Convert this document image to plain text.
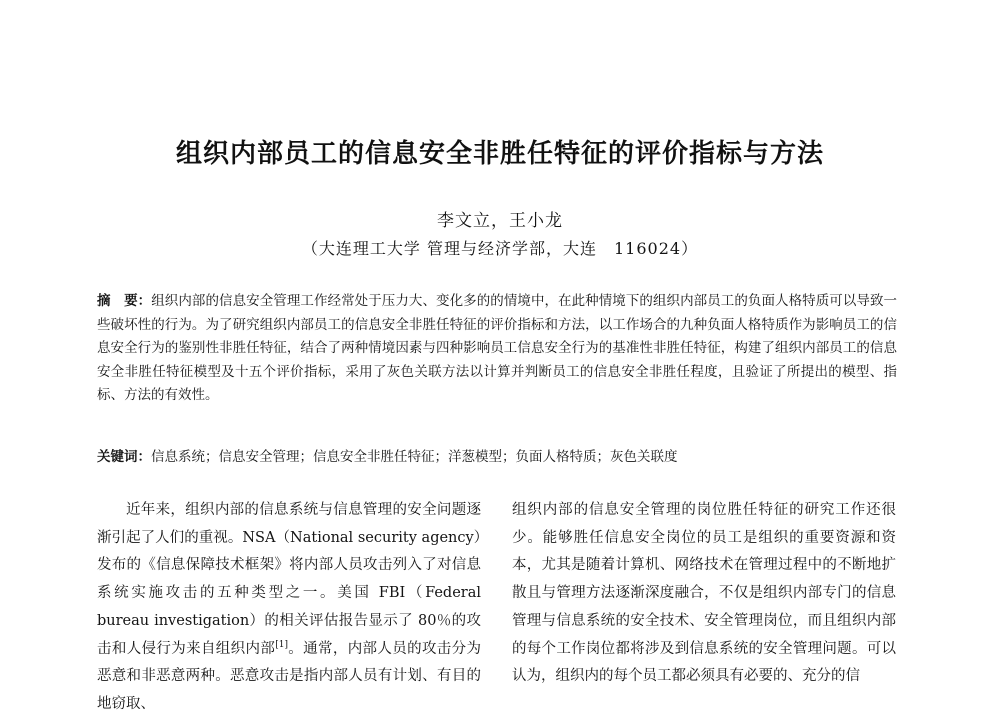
组织内部员工的信息安全非胜任特征的评价指标与方法
李文立，王小龙
（大连理工大学 管理与经济学部，大连　116024）
摘　要：组织内部的信息安全管理工作经常处于压力大、变化多的的情境中，在此种情境下的组织内部员工的负面人格特质可以导致一些破坏性的行为。为了研究组织内部员工的信息安全非胜任特征的评价指标和方法，以工作场合的九种负面人格特质作为影响员工的信息安全行为的鉴别性非胜任特征，结合了两种情境因素与四种影响员工信息安全行为的基准性非胜任特征，构建了组织内部员工的信息安全非胜任特征模型及十五个评价指标，采用了灰色关联方法以计算并判断员工的信息安全非胜任程度，且验证了所提出的模型、指标、方法的有效性。
关键词：信息系统；信息安全管理；信息安全非胜任特征；洋葱模型；负面人格特质；灰色关联度
近年来，组织内部的信息系统与信息管理的安全问题逐渐引起了人们的重视。NSA（National security agency）发布的《信息保障技术框架》将内部人员攻击列入了对信息系统实施攻击的五种类型之一。美国 FBI（Federal bureau investigation）的相关评估报告显示了 80％的攻击和人侵行为来自组织内部[1]。通常，内部人员的攻击分为恶意和非恶意两种。恶意攻击是指内部人员有计划、有目的地窃取、
组织内部的信息安全管理的岗位胜任特征的研究工作还很少。能够胜任信息安全岗位的员工是组织的重要资源和资本，尤其是随着计算机、网络技术在管理过程中的不断地扩散且与管理方法逐渐深度融合，不仅是组织内部专门的信息管理与信息系统的安全技术、安全管理岗位，而且组织内部的每个工作岗位都将涉及到信息系统的安全管理问题。可以认为，组织内的每个员工都必须具有必要的、充分的信
